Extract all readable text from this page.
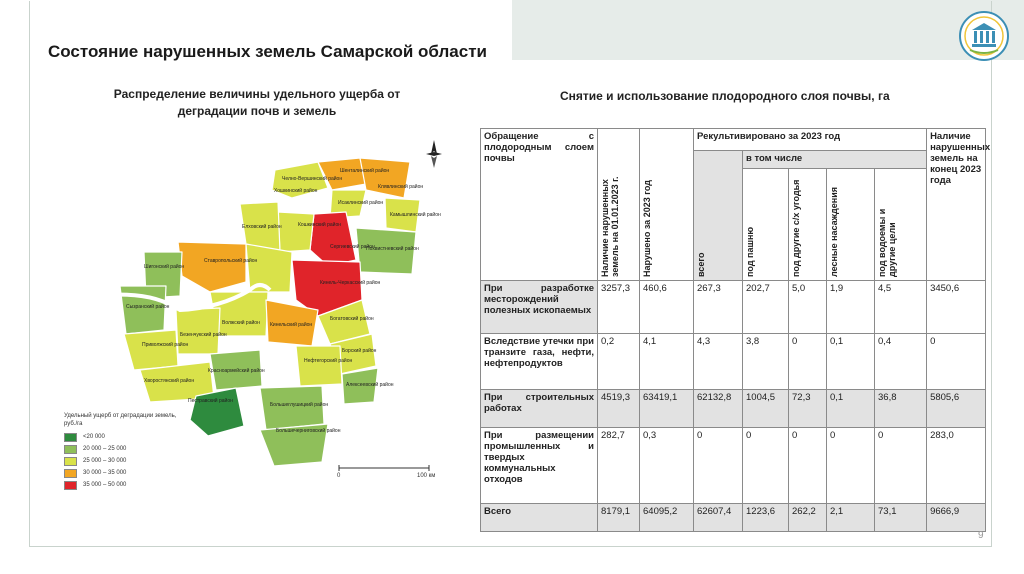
Состояние нарушенных земель Самарской области
Распределение величины удельного ущерба от деградации почв и земель
Снятие и использование плодородного слоя почвы, га
Челно-Вершинский район
Шенталинский район
Клявлинский район
Хошкинский район
Камышлинский район
Исаклинский район
Елховский район	Кошкинский район
Похвистневский район
Сергиевский район
Ставропольский район
Кинель-Черкасский район
Шигонский район
Сызранский район
Богатовский район
Кинельский район
Волжский район
Приволжский район
Безенчукский район
Борский район
Нефтегорский район
Алексеевский район
Красноармейский район
Хворостянский район
Пестравский район
Большеглушицкий район
Большечерниговский район
Удельный ущерб от деградации земель, руб./га
<20 000
20 000 – 25 000
25 000 – 30 000
30 000 – 35 000
35 000 – 50 000
0	100 км
Обращение с плодородным слоем почвы	Наличие нарушенных земель на 01.01.2023 г.	Нарушено за 2023 год	Рекультивировано за 2023 год					Наличие нарушенных земель на конец 2023 года

			всего	в том числе				

				под пашню	под другие с/х угодья	лесные насаждения	под водоемы и другие цели	

При разработке месторождений полезных ископаемых	3257,3	460,6	267,3	202,7	5,0	1,9	4,5	3450,6
Вследствие утечки при транзите газа, нефти, нефтепродуктов	0,2	4,1	4,3	3,8	0	0,1	0,4	0
При строительных работах	4519,3	63419,1	62132,8	1004,5	72,3	0,1	36,8	5805,6
При размещении промышленных и твердых коммунальных отходов	282,7	0,3	0	0	0	0	0	283,0
Всего	8179,1	64095,2	62607,4	1223,6	262,2	2,1	73,1	9666,9
9
